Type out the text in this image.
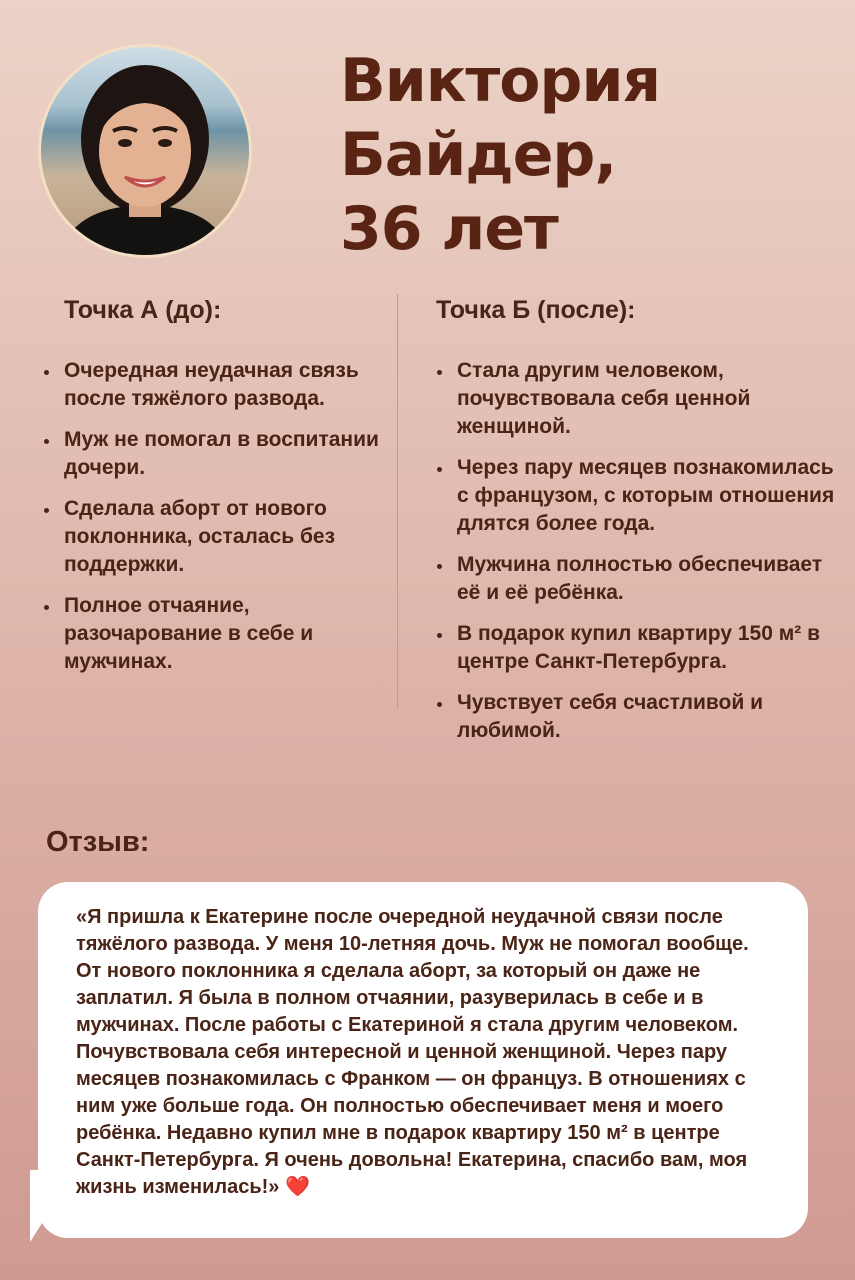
Виктория
Байдер,
36 лет
Точка А (до):
Очередная неудачная связь после тяжёлого развода.
Муж не помогал в воспитании дочери.
Сделала аборт от нового поклонника, осталась без поддержки.
Полное отчаяние, разочарование в себе и мужчинах.
Точка Б (после):
Стала другим человеком, почувствовала себя ценной женщиной.
Через пару месяцев познакомилась с французом, с которым отношения длятся более года.
Мужчина полностью обеспечивает её и её ребёнка.
В подарок купил квартиру 150 м² в центре Санкт-Петербурга.
Чувствует себя счастливой и любимой.
Отзыв:

«Я пришла к Екатерине после очередной неудачной связи после тяжёлого развода. У меня 10-летняя дочь. Муж не помогал вообще. От нового поклонника я сделала аборт, за который он даже не заплатил. Я была в полном отчаянии, разуверилась в себе и в мужчинах. После работы с Екатериной я стала другим человеком. Почувствовала себя интересной и ценной женщиной. Через пару месяцев познакомилась с Франком — он француз. В отношениях с ним уже больше года. Он полностью обеспечивает меня и моего ребёнка. Недавно купил мне в подарок квартиру 150 м² в центре Санкт-Петербурга. Я очень довольна! Екатерина, спасибо вам, моя жизнь изменилась!» ❤️
